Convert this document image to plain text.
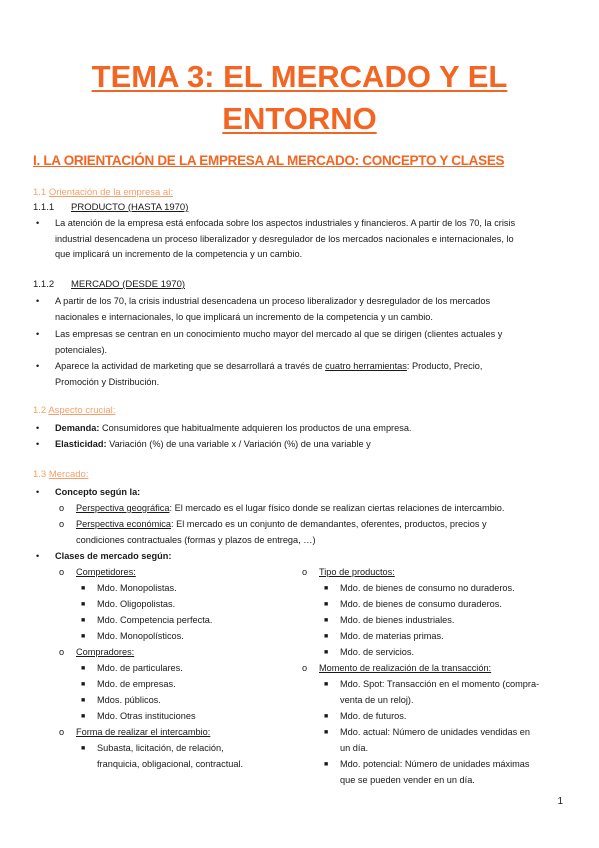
TEMA 3: EL MERCADO Y EL
ENTORNO
I. LA ORIENTACIÓN DE LA EMPRESA AL MERCADO: CONCEPTO Y CLASES
1.1 Orientación de la empresa al:
1.1.1 PRODUCTO (HASTA 1970)
• La atención de la empresa está enfocada sobre los aspectos industriales y financieros. A partir de los 70, la crisis
industrial desencadena un proceso liberalizador y desregulador de los mercados nacionales e internacionales, lo
que implicará un incremento de la competencia y un cambio.
1.1.2 MERCADO (DESDE 1970)
• A partir de los 70, la crisis industrial desencadena un proceso liberalizador y desregulador de los mercados
nacionales e internacionales, lo que implicará un incremento de la competencia y un cambio.
• Las empresas se centran en un conocimiento mucho mayor del mercado al que se dirigen (clientes actuales y
potenciales).
• Aparece la actividad de marketing que se desarrollará a través de cuatro herramientas: Producto, Precio,
Promoción y Distribución.
1.2 Aspecto crucial:
• Demanda: Consumidores que habitualmente adquieren los productos de una empresa.
• Elasticidad: Variación (%) de una variable x / Variación (%) de una variable y
1.3 Mercado:
• Concepto según la:
o Perspectiva geográfica: El mercado es el lugar físico donde se realizan ciertas relaciones de intercambio.
o Perspectiva económica: El mercado es un conjunto de demandantes, oferentes, productos, precios y
condiciones contractuales (formas y plazos de entrega, …)
• Clases de mercado según:
o Competidores:
■ Mdo. Monopolistas.
■ Mdo. Oligopolistas.
■ Mdo. Competencia perfecta.
■ Mdo. Monopolísticos.
o Compradores:
■ Mdo. de particulares.
■ Mdo. de empresas.
■ Mdos. públicos.
■ Mdo. Otras instituciones
o Forma de realizar el intercambio:
■ Subasta, licitación, de relación,
franquicia, obligacional, contractual.
o Tipo de productos:
■ Mdo. de bienes de consumo no duraderos.
■ Mdo. de bienes de consumo duraderos.
■ Mdo. de bienes industriales.
■ Mdo. de materias primas.
■ Mdo. de servicios.
o Momento de realización de la transacción:
■ Mdo. Spot: Transacción en el momento (compra-
venta de un reloj).
■ Mdo. de futuros.
■ Mdo. actual: Número de unidades vendidas en
un día.
■ Mdo. potencial: Número de unidades máximas
que se pueden vender en un día.
1
